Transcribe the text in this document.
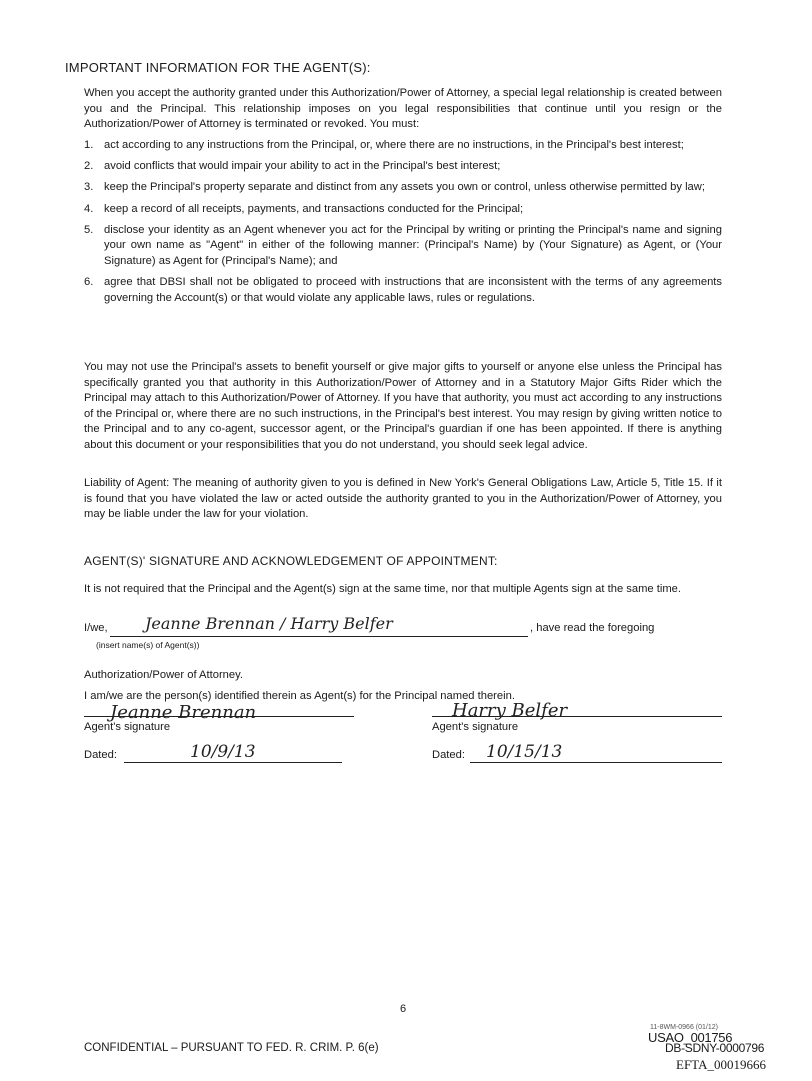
IMPORTANT INFORMATION FOR THE AGENT(S):
When you accept the authority granted under this Authorization/Power of Attorney, a special legal relationship is created between you and the Principal. This relationship imposes on you legal responsibilities that continue until you resign or the Authorization/Power of Attorney is terminated or revoked. You must:
1. act according to any instructions from the Principal, or, where there are no instructions, in the Principal's best interest;
2. avoid conflicts that would impair your ability to act in the Principal's best interest;
3. keep the Principal's property separate and distinct from any assets you own or control, unless otherwise permitted by law;
4. keep a record of all receipts, payments, and transactions conducted for the Principal;
5. disclose your identity as an Agent whenever you act for the Principal by writing or printing the Principal's name and signing your own name as "Agent" in either of the following manner: (Principal's Name) by (Your Signature) as Agent, or (Your Signature) as Agent for (Principal's Name); and
6. agree that DBSI shall not be obligated to proceed with instructions that are inconsistent with the terms of any agreements governing the Account(s) or that would violate any applicable laws, rules or regulations.
You may not use the Principal's assets to benefit yourself or give major gifts to yourself or anyone else unless the Principal has specifically granted you that authority in this Authorization/Power of Attorney and in a Statutory Major Gifts Rider which the Principal may attach to this Authorization/Power of Attorney. If you have that authority, you must act according to any instructions of the Principal or, where there are no such instructions, in the Principal's best interest. You may resign by giving written notice to the Principal and to any co-agent, successor agent, or the Principal's guardian if one has been appointed. If there is anything about this document or your responsibilities that you do not understand, you should seek legal advice.
Liability of Agent: The meaning of authority given to you is defined in New York's General Obligations Law, Article 5, Title 15. If it is found that you have violated the law or acted outside the authority granted to you in the Authorization/Power of Attorney, you may be liable under the law for your violation.
AGENT(S)' SIGNATURE AND ACKNOWLEDGEMENT OF APPOINTMENT:
It is not required that the Principal and the Agent(s) sign at the same time, nor that multiple Agents sign at the same time.
I/we, Jeanne Brennan / Harry Belfer	, have read the foregoing
(insert name(s) of Agent(s))
Authorization/Power of Attorney.
I am/we are the person(s) identified therein as Agent(s) for the Principal named therein.
Jeanne Brennan
Agent's signature
Harry Belfer
Agent's signature
Dated:	10/9/13	Dated: 10/15/13
6
CONFIDENTIAL – PURSUANT TO FED. R. CRIM. P. 6(e)
11-8WM-0966 (01/12)
USAO_001756
DB-SDNY-0000796
EFTA_00019666
